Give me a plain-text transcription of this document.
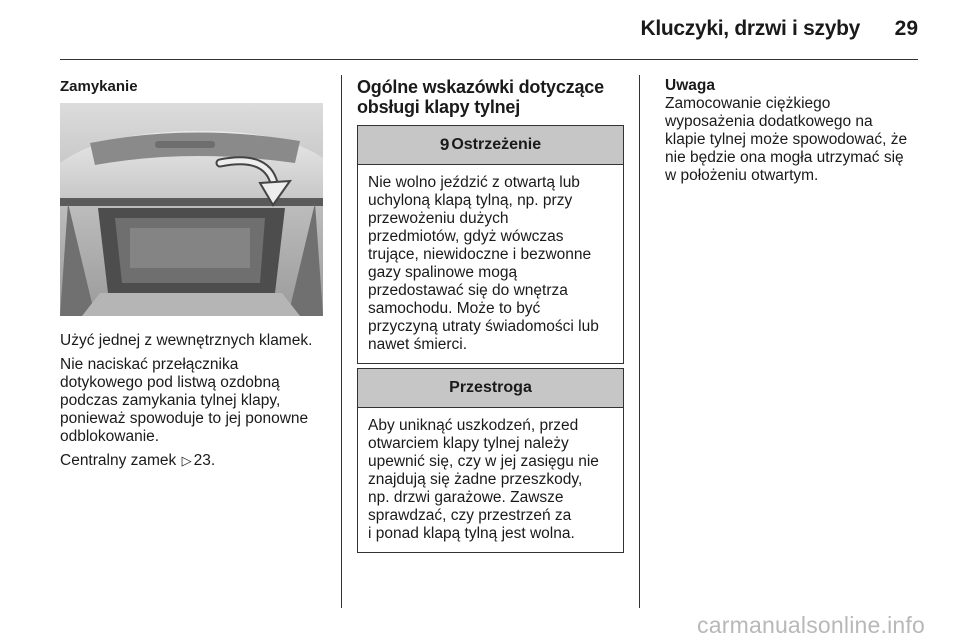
Kluczyki, drzwi i szyby	29
Zamykanie

Użyć jednej z wewnętrznych klamek.

Nie naciskać przełącznika
dotykowego pod listwą ozdobną
podczas zamykania tylnej klapy,
ponieważ spowoduje to jej ponowne
odblokowanie.

Centralny zamek ▷ 23.

Ogólne wskazówki dotyczące
obsługi klapy tylnej
9 Ostrzeżenie
Nie wolno jeździć z otwartą lub
uchyloną klapą tylną, np. przy
przewożeniu dużych
przedmiotów, gdyż wówczas
trujące, niewidoczne i bezwonne
gazy spalinowe mogą
przedostawać się do wnętrza
samochodu. Może to być
przyczyną utraty świadomości lub
nawet śmierci.
Przestroga
Aby uniknąć uszkodzeń, przed
otwarciem klapy tylnej należy
upewnić się, czy w jej zasięgu nie
znajdują się żadne przeszkody,
np. drzwi garażowe. Zawsze
sprawdzać, czy przestrzeń za
i ponad klapą tylną jest wolna.
Uwaga
Zamocowanie ciężkiego
wyposażenia dodatkowego na
klapie tylnej może spowodować, że
nie będzie ona mogła utrzymać się
w położeniu otwartym.
carmanualsonline.info
